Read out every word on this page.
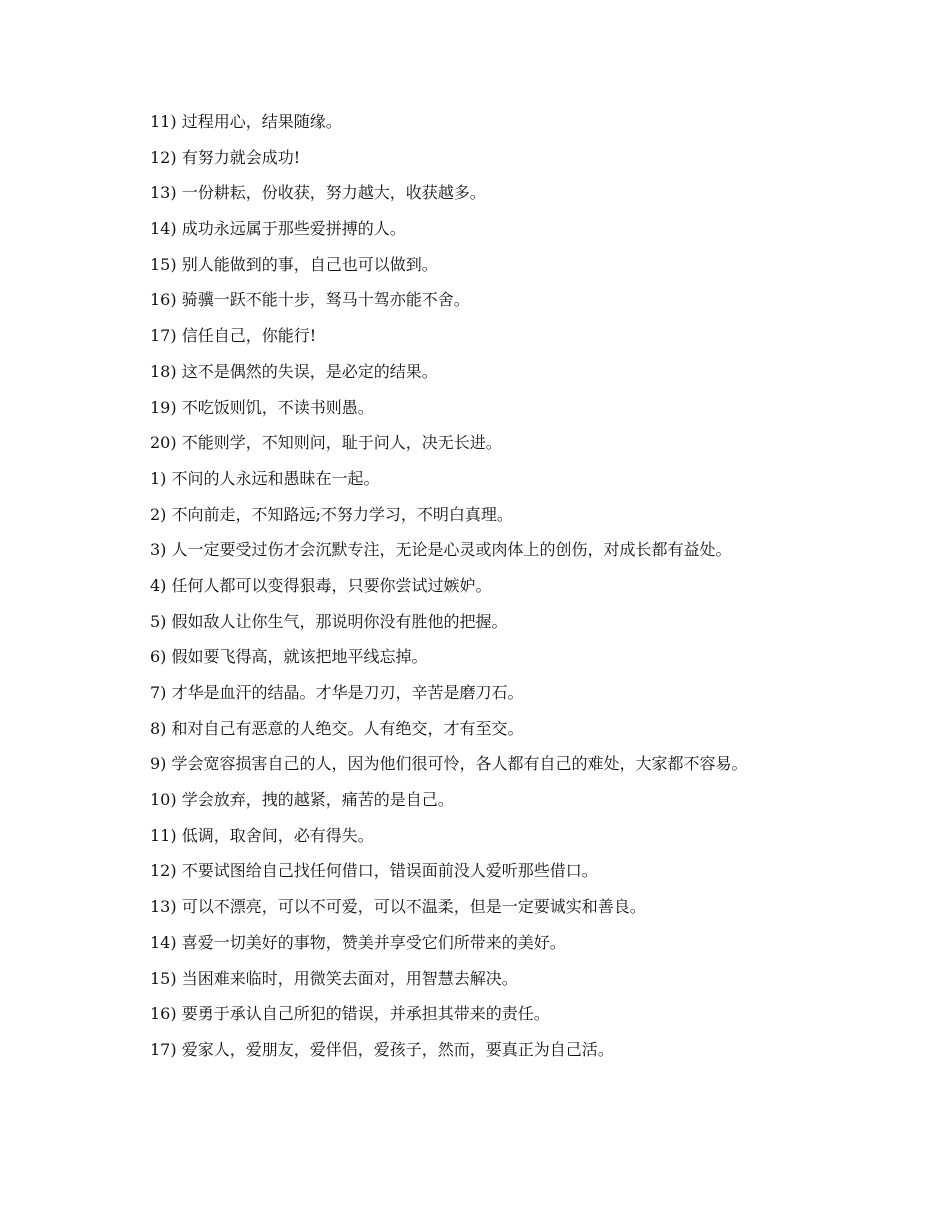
11) 过程用心，结果随缘。

12) 有努力就会成功!

13) 一份耕耘，份收获，努力越大，收获越多。

14) 成功永远属于那些爱拼搏的人。

15) 别人能做到的事，自己也可以做到。

16) 骑骥一跃不能十步，驽马十驾亦能不舍。

17) 信任自己，你能行!

18) 这不是偶然的失误，是必定的结果。

19) 不吃饭则饥，不读书则愚。

20) 不能则学，不知则问，耻于问人，决无长进。

1) 不问的人永远和愚昧在一起。

2) 不向前走，不知路远;不努力学习，不明白真理。

3) 人一定要受过伤才会沉默专注，无论是心灵或肉体上的创伤，对成长都有益处。

4) 任何人都可以变得狠毒，只要你尝试过嫉妒。

5) 假如敌人让你生气，那说明你没有胜他的把握。

6) 假如要飞得高，就该把地平线忘掉。

7) 才华是血汗的结晶。才华是刀刃，辛苦是磨刀石。

8) 和对自己有恶意的人绝交。人有绝交，才有至交。

9) 学会宽容损害自己的人，因为他们很可怜，各人都有自己的难处，大家都不容易。

10) 学会放弃，拽的越紧，痛苦的是自己。

11) 低调，取舍间，必有得失。

12) 不要试图给自己找任何借口，错误面前没人爱听那些借口。

13) 可以不漂亮，可以不可爱，可以不温柔，但是一定要诚实和善良。

14) 喜爱一切美好的事物，赞美并享受它们所带来的美好。

15) 当困难来临时，用微笑去面对，用智慧去解决。

16) 要勇于承认自己所犯的错误，并承担其带来的责任。

17) 爱家人，爱朋友，爱伴侣，爱孩子，然而，要真正为自己活。
